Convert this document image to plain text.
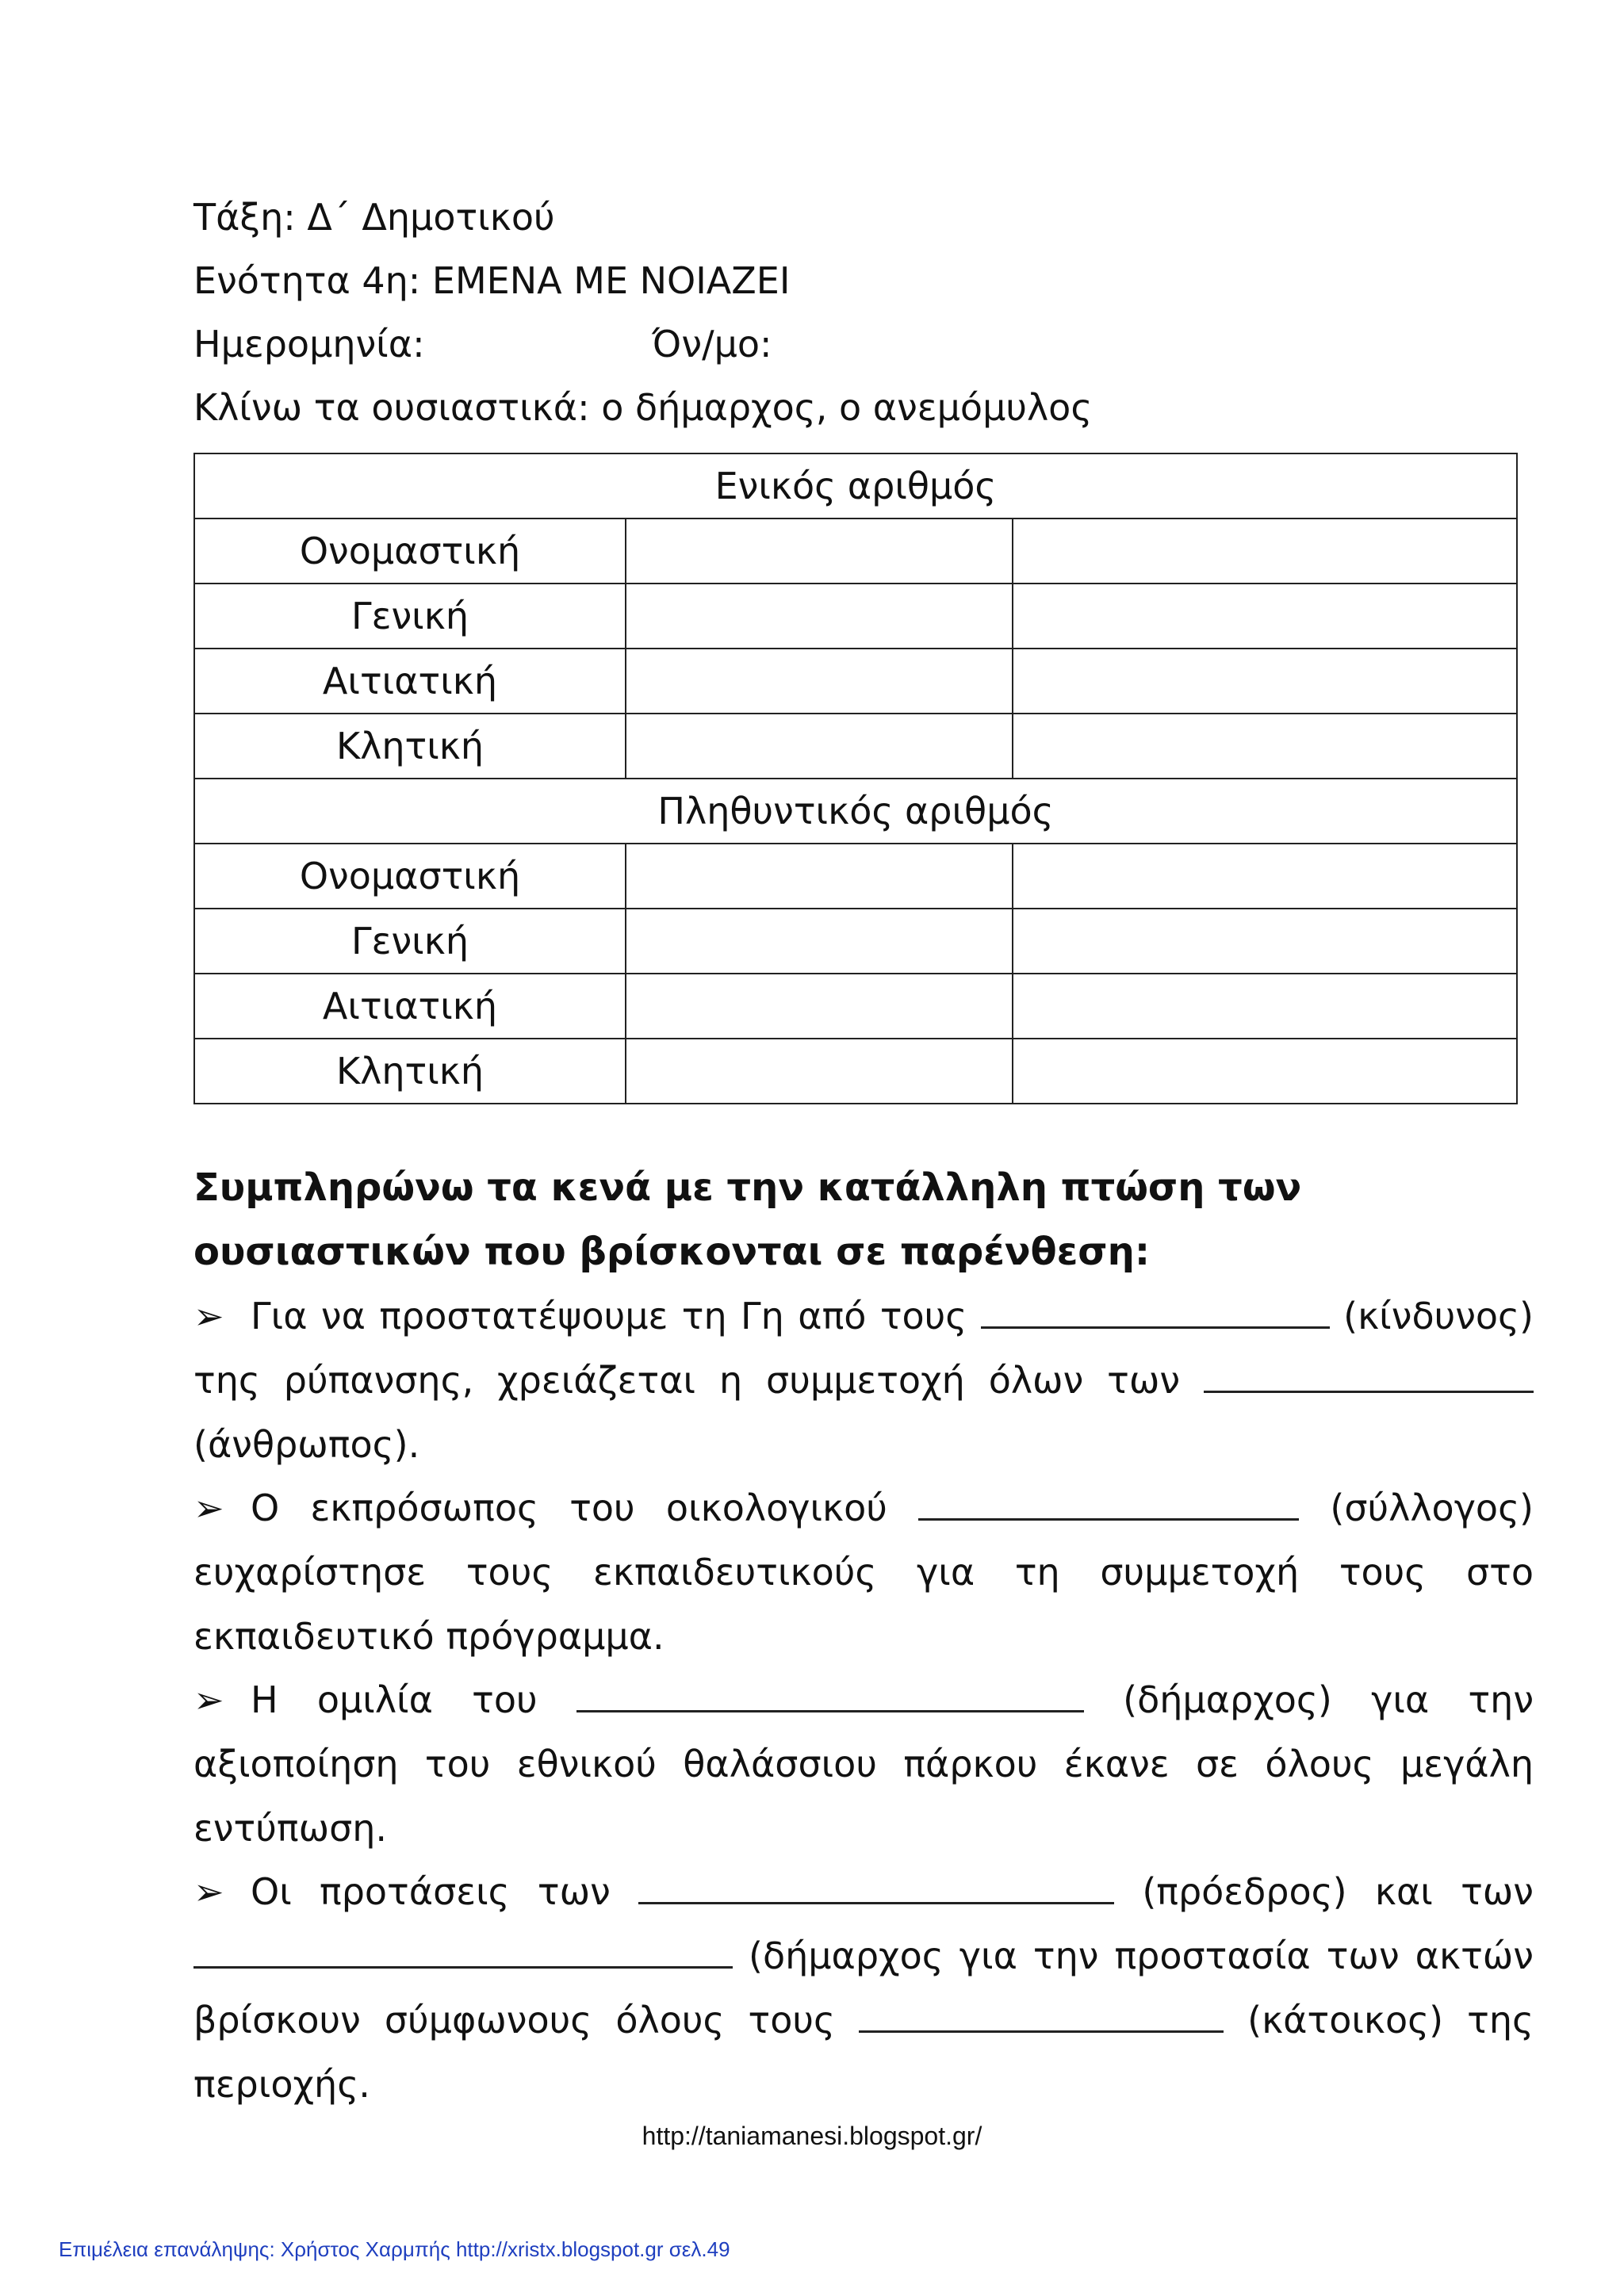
Τάξη: Δ΄ Δημοτικού
Ενότητα 4η: ΕΜΕΝΑ ΜΕ ΝΟΙΑΖΕΙ
Ημερομηνία:	Όν/μο:
Κλίνω τα ουσιαστικά: ο δήμαρχος, ο ανεμόμυλος
Ενικός αριθμός		
Ονομαστική		
Γενική		
Αιτιατική		
Κλητική		
Πληθυντικός αριθμός		
Ονομαστική		
Γενική		
Αιτιατική		
Κλητική		
Συμπληρώνω τα κενά με την κατάλληλη πτώση των ουσιαστικών που βρίσκονται σε παρένθεση:
➢ Για να προστατέψουμε τη Γη από τους	(κίνδυνος) της ρύπανσης, χρειάζεται η συμμετοχή όλων των  (άνθρωπος).
➢ Ο εκπρόσωπος του οικολογικού	(σύλλογος) ευχαρίστησε τους εκπαιδευτικούς για τη συμμετοχή τους στο εκπαιδευτικό πρόγραμμα.
➢ Η ομιλία του	(δήμαρχος) για την αξιοποίηση του εθνικού θαλάσσιου πάρκου έκανε σε όλους μεγάλη εντύπωση.
➢ Οι προτάσεις των	(πρόεδρος) και των  (δήμαρχος για την προστασία των ακτών βρίσκουν σύμφωνους όλους τους	(κάτοικος) της περιοχής.
http://taniamanesi.blogspot.gr/
Επιμέλεια επανάληψης: Χρήστος Χαρμπής http://xristx.blogspot.gr σελ.49
